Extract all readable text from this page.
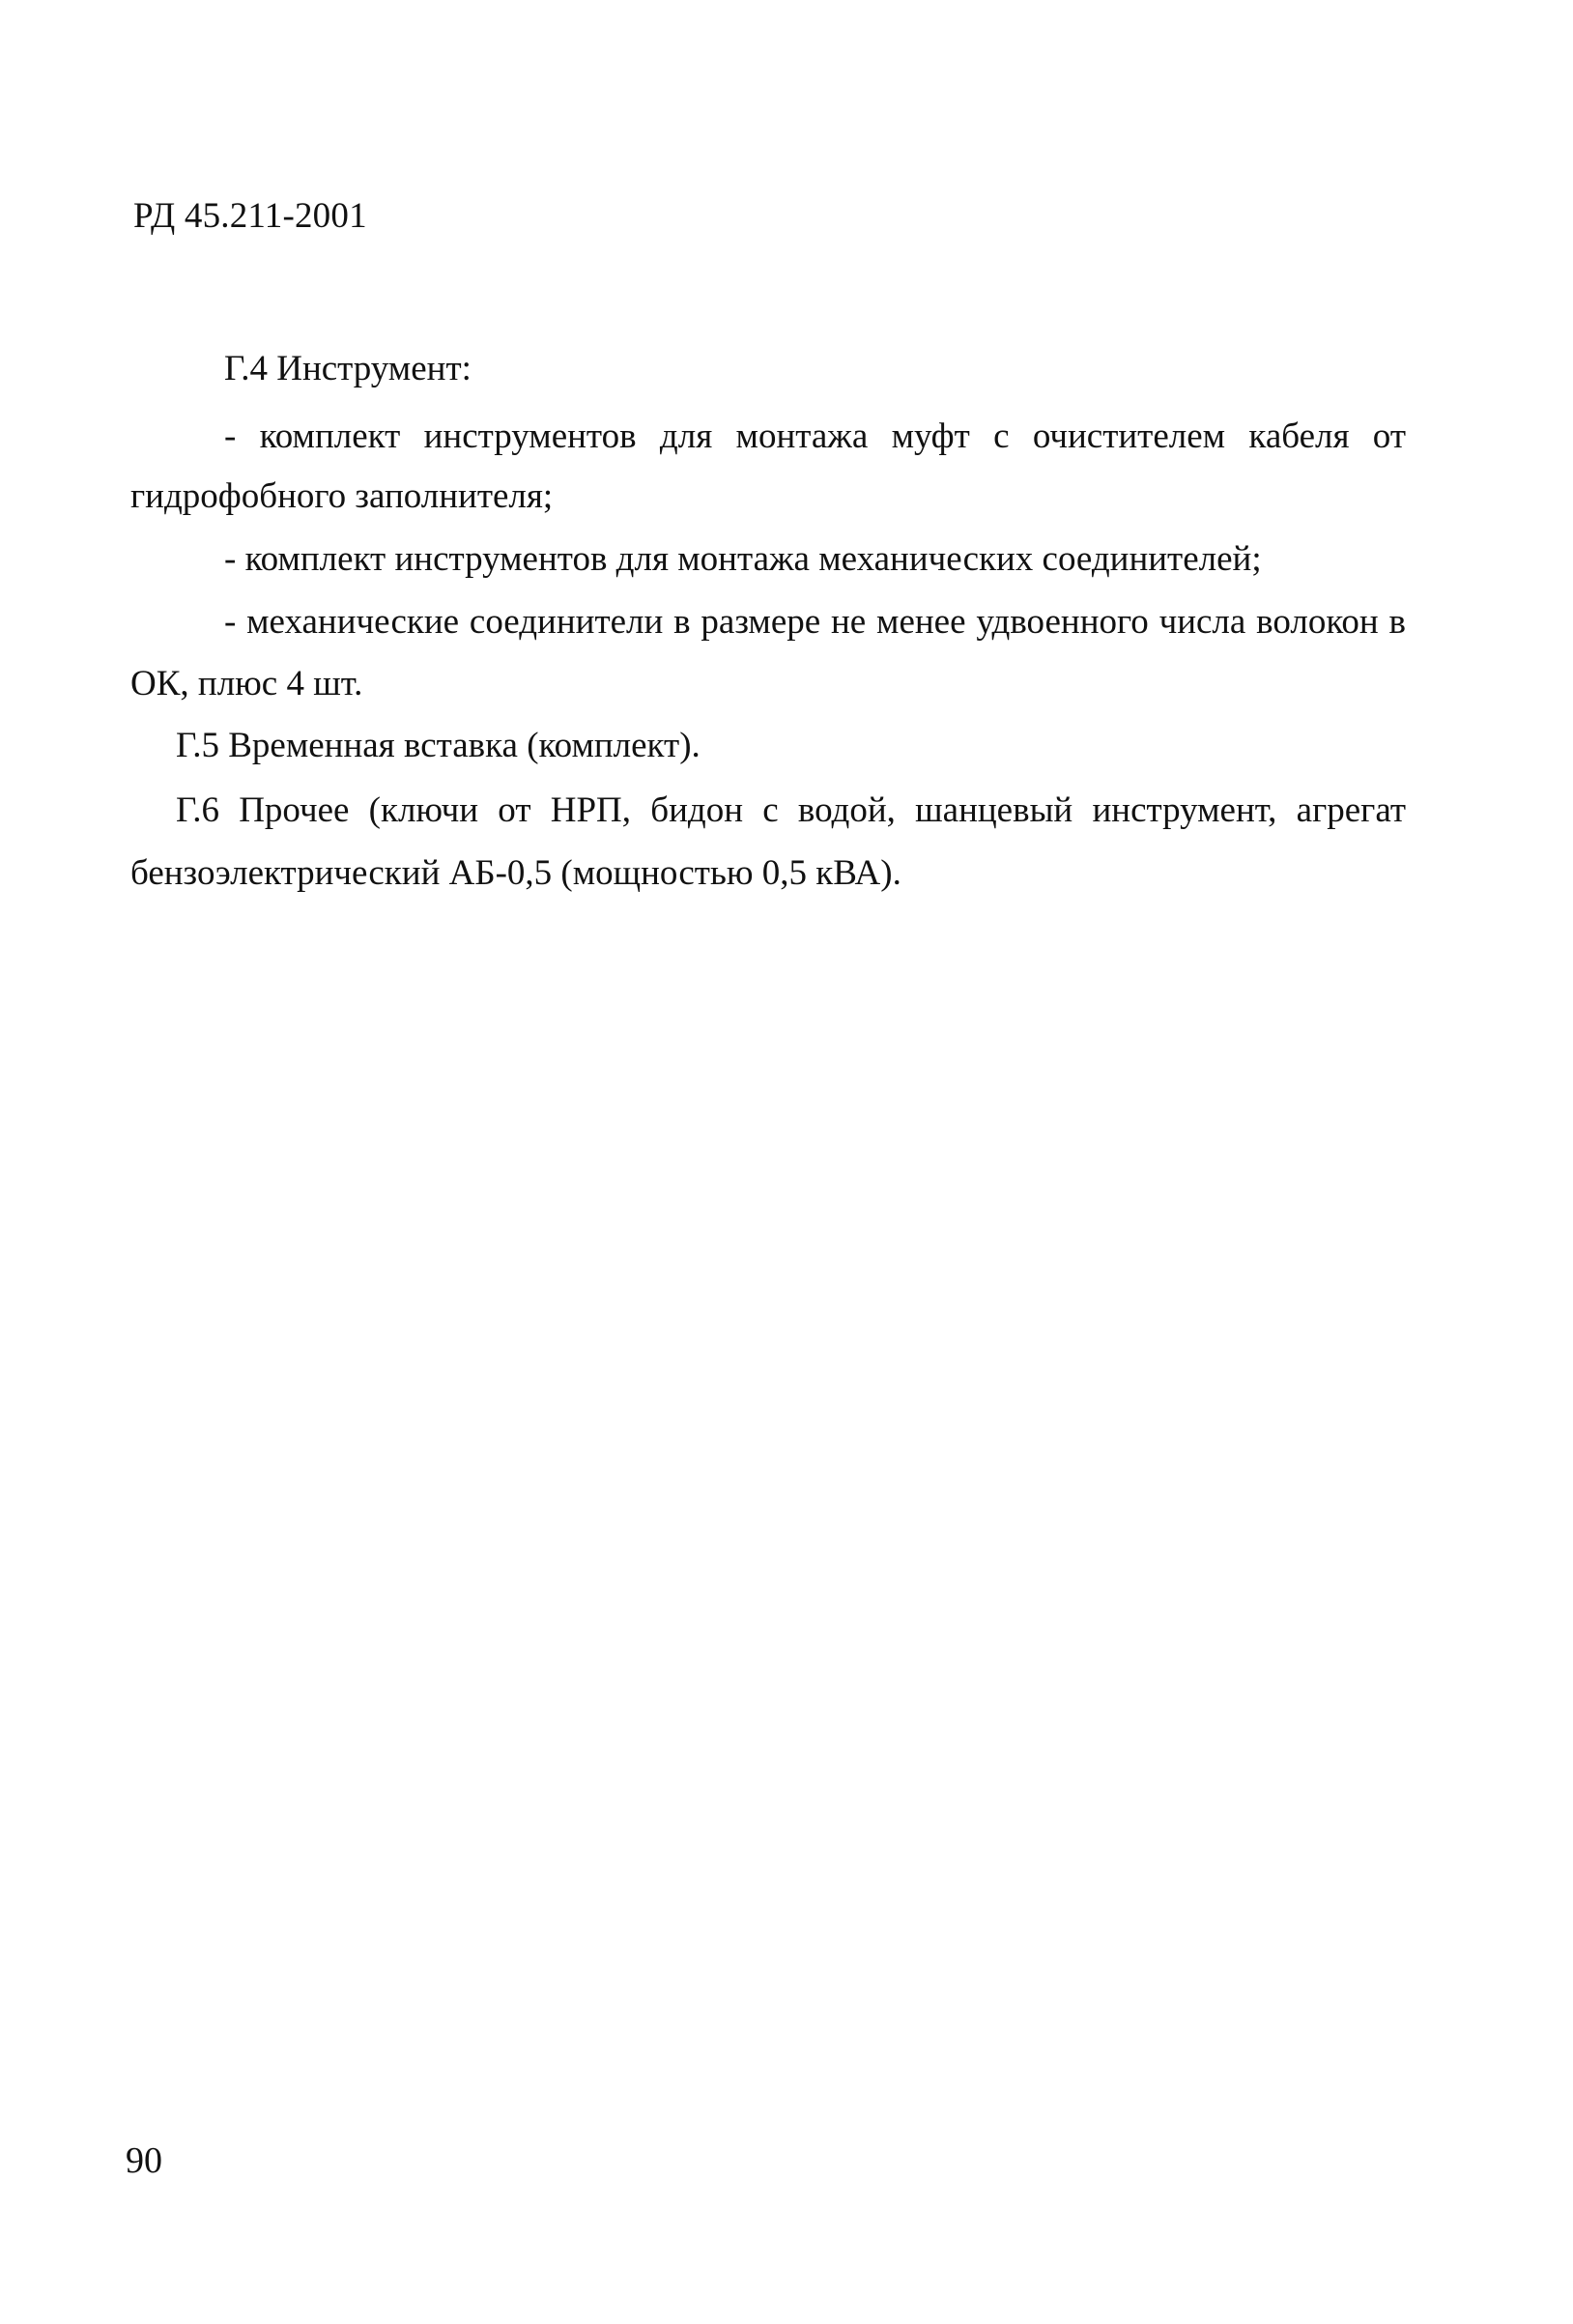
РД 45.211-2001
Г.4 Инструмент:
- комплект инструментов для монтажа муфт с очистителем кабеля от
гидрофобного заполнителя;
- комплект инструментов для монтажа механических соединителей;
- механические соединители в размере не менее удвоенного числа волокон в
ОК, плюс 4 шт.
Г.5 Временная вставка (комплект).
Г.6 Прочее (ключи от НРП, бидон с водой, шанцевый инструмент, агрегат
бензоэлектрический АБ-0,5 (мощностью 0,5 кВА).
90
